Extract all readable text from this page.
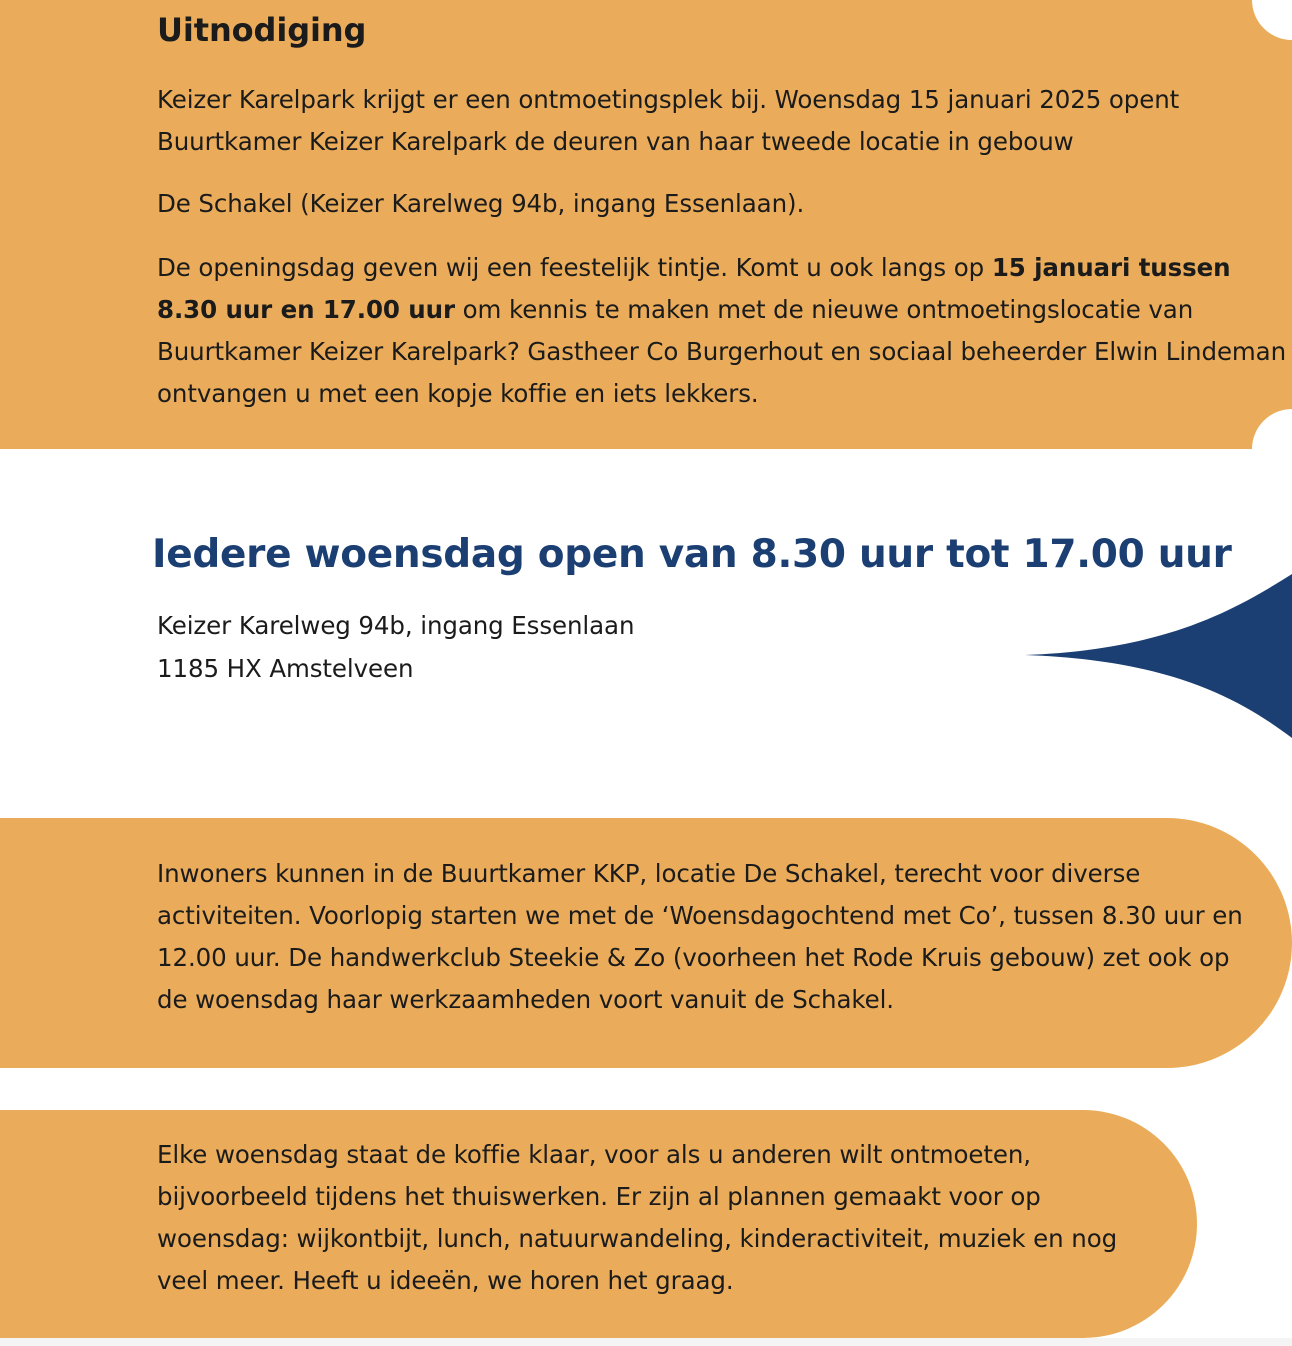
Uitnodiging

Keizer Karelpark krijgt er een ontmoetingsplek bij. Woensdag 15 januari 2025 opent Buurtkamer Keizer Karelpark de deuren van haar tweede locatie in gebouw

De Schakel (Keizer Karelweg 94b, ingang Essenlaan).

De openingsdag geven wij een feestelijk tintje. Komt u ook langs op 15 januari tussen 8.30 uur en 17.00 uur om kennis te maken met de nieuwe ontmoetingslocatie van Buurtkamer Keizer Karelpark? Gastheer Co Burgerhout en sociaal beheerder Elwin Lindeman ontvangen u met een kopje koffie en iets lekkers.

Iedere woensdag open van 8.30 uur tot 17.00 uur

Keizer Karelweg 94b, ingang Essenlaan

1185 HX Amstelveen

Inwoners kunnen in de Buurtkamer KKP, locatie De Schakel, terecht voor diverse activiteiten. Voorlopig starten we met de ‘Woensdagochtend met Co’, tussen 8.30 uur en 12.00 uur. De handwerkclub Steekie & Zo (voorheen het Rode Kruis gebouw) zet ook op de woensdag haar werkzaamheden voort vanuit de Schakel.

Elke woensdag staat de koffie klaar, voor als u anderen wilt ontmoeten, bijvoorbeeld tijdens het thuiswerken. Er zijn al plannen gemaakt voor op woensdag: wijkontbijt, lunch, natuurwandeling, kinderactiviteit, muziek en nog veel meer. Heeft u ideeën, we horen het graag.
